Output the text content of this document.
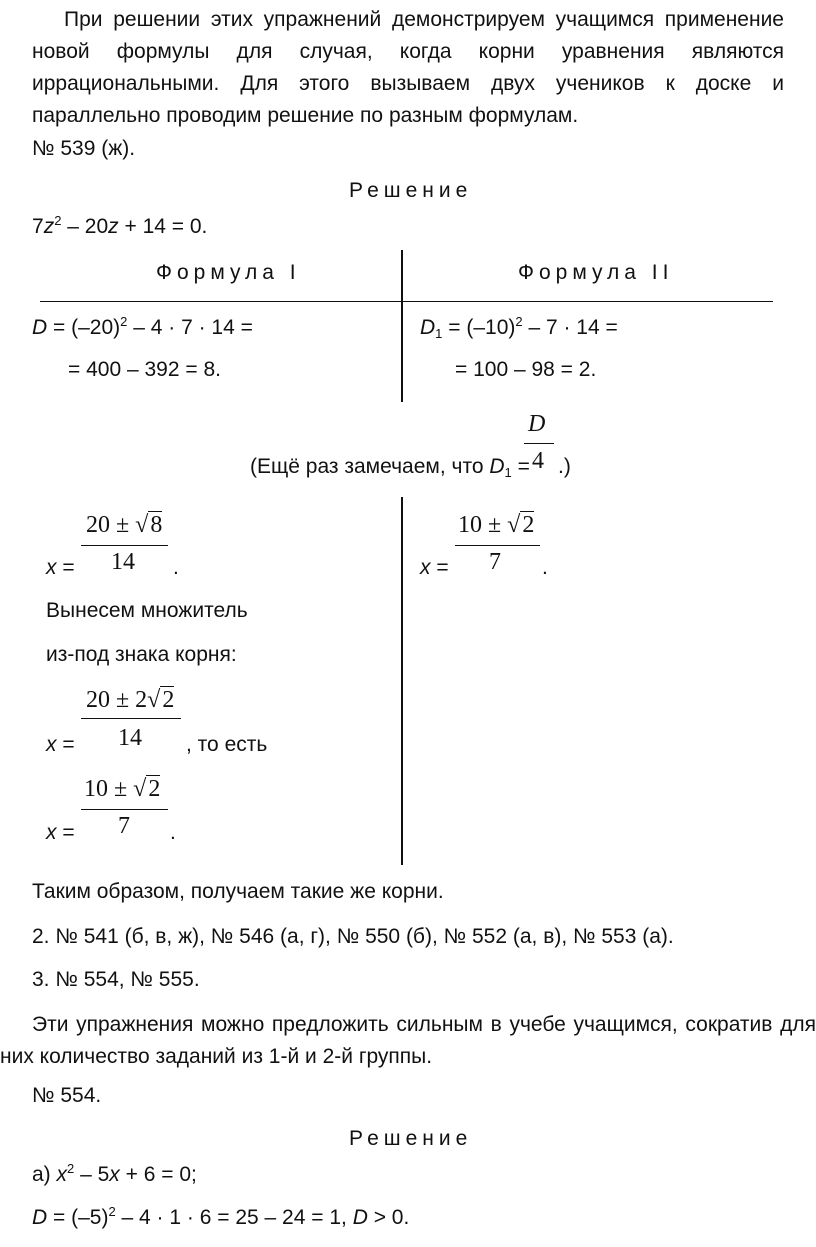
При решении этих упражнений демонстрируем учащимся применение новой формулы для случая, когда корни уравнения являются иррациональными. Для этого вызываем двух учеников к доске и параллельно проводим решение по разным формулам.
№ 539 (ж).
Решение
$7z^2 - 20z + 14 = 0$.
Формула I	Формула II
$D = (-20)^2 - 4 \cdot 7 \cdot 14$ =
= 400 – 392 = 8.
$D_1 = (-10)^2 - 7 \cdot 14$ =
= 100 – 98 = 2.
(Ещё раз замечаем, что $D_1$ =
D
4 .)
20 ± √8
x = 14 .
10 ± √2
x = 7 .
Вынесем множитель
из-под знака корня:
20 ± 2√2
x = 14 , то есть
10 ± √2
x = 7 .
Таким образом, получаем такие же корни.
2. № 541 (б, в, ж), № 546 (а, г), № 550 (б), № 552 (а, в), № 553 (а).
3. № 554, № 555.
Эти упражнения можно предложить сильным в учебе учащимся, сократив для них количество заданий из 1-й и 2-й группы.
№ 554.
Решение
а) $x^2 - 5x + 6 = 0$;
$D = (-5)^2 - 4 \cdot 1 \cdot 6 = 25 - 24 = 1$, D > 0.
